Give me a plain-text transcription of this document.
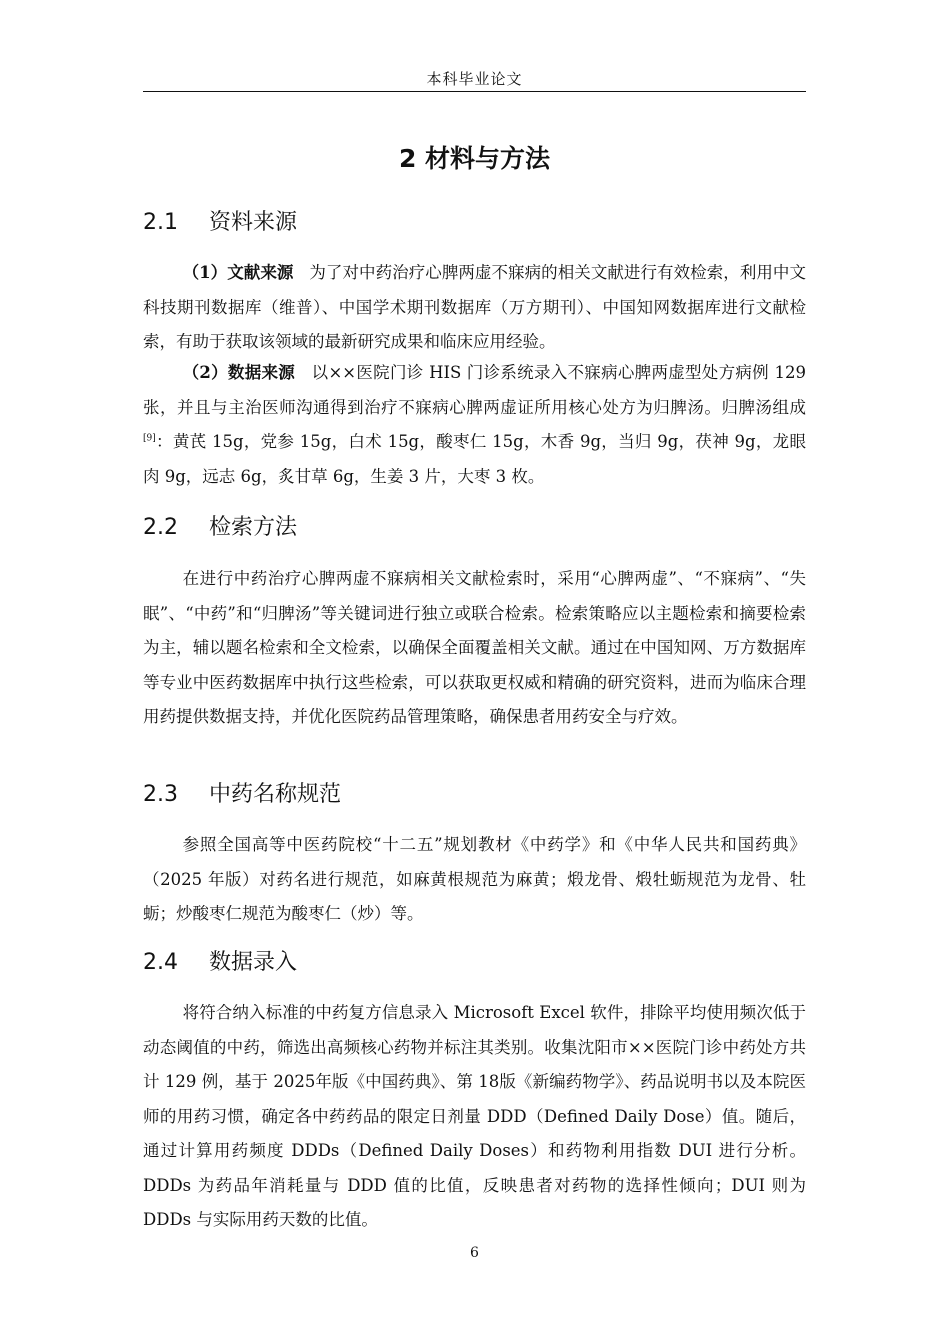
本科毕业论文
2 材料与方法
2.1 资料来源

（1）文献来源 为了对中药治疗心脾两虚不寐病的相关文献进行有效检索，利用中文科技期刊数据库（维普）、中国学术期刊数据库（万方期刊）、中国知网数据库进行文献检索，有助于获取该领域的最新研究成果和临床应用经验。

（2）数据来源 以××医院门诊 HIS 门诊系统录入不寐病心脾两虚型处方病例 129 张，并且与主治医师沟通得到治疗不寐病心脾两虚证所用核心处方为归脾汤。归脾汤组成[9]：黄芪 15g，党参 15g，白术 15g，酸枣仁 15g，木香 9g，当归 9g，茯神 9g，龙眼肉 9g，远志 6g，炙甘草 6g，生姜 3 片，大枣 3 枚。

2.2 检索方法

在进行中药治疗心脾两虚不寐病相关文献检索时，采用“心脾两虚”、“不寐病”、“失眠”、“中药”和“归脾汤”等关键词进行独立或联合检索。检索策略应以主题检索和摘要检索为主，辅以题名检索和全文检索，以确保全面覆盖相关文献。通过在中国知网、万方数据库等专业中医药数据库中执行这些检索，可以获取更权威和精确的研究资料，进而为临床合理用药提供数据支持，并优化医院药品管理策略，确保患者用药安全与疗效。

2.3 中药名称规范

参照全国高等中医药院校“十二五”规划教材《中药学》和《中华人民共和国药典》（2025 年版）对药名进行规范，如麻黄根规范为麻黄；煅龙骨、煅牡蛎规范为龙骨、牡蛎；炒酸枣仁规范为酸枣仁（炒）等。

2.4 数据录入

将符合纳入标准的中药复方信息录入 Microsoft Excel 软件，排除平均使用频次低于动态阈值的中药，筛选出高频核心药物并标注其类别。收集沈阳市××医院门诊中药处方共计 129 例，基于 2025年版《中国药典》、第 18版《新编药物学》、药品说明书以及本院医师的用药习惯，确定各中药药品的限定日剂量 DDD（Defined Daily Dose）值。随后，通过计算用药频度 DDDs（Defined Daily Doses）和药物利用指数 DUI 进行分析。DDDs 为药品年消耗量与 DDD 值的比值，反映患者对药物的选择性倾向；DUI 则为 DDDs 与实际用药天数的比值。

6
